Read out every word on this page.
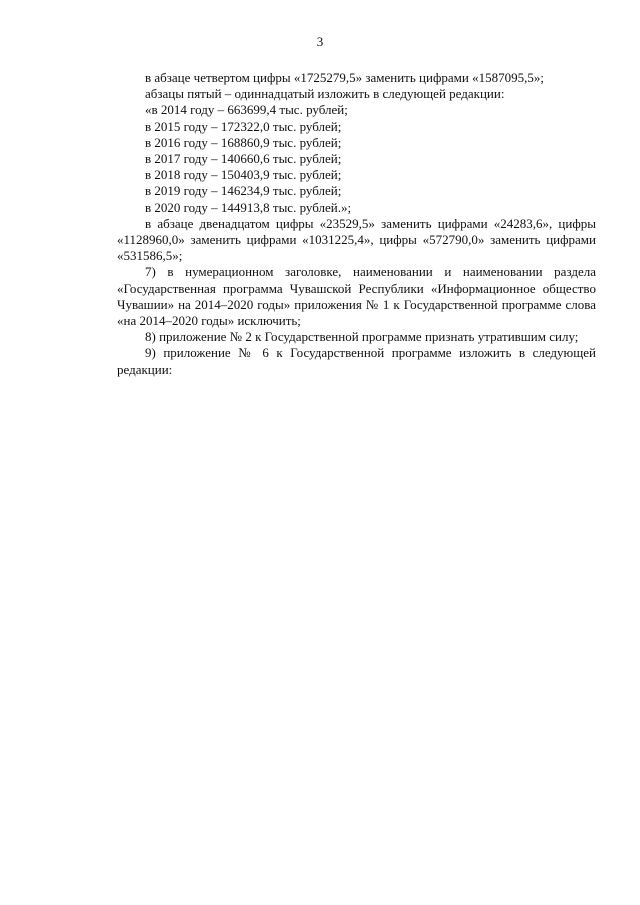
3

в абзаце четвертом цифры «1725279,5» заменить цифрами «1587095,5»;

абзацы пятый – одиннадцатый изложить в следующей редакции:

«в 2014 году – 663699,4 тыс. рублей;
в 2015 году – 172322,0 тыс. рублей;
в 2016 году – 168860,9 тыс. рублей;
в 2017 году – 140660,6 тыс. рублей;
в 2018 году – 150403,9 тыс. рублей;
в 2019 году – 146234,9 тыс. рублей;
в 2020 году – 144913,8 тыс. рублей.»;

в абзаце двенадцатом цифры «23529,5» заменить цифрами «24283,6», цифры «1128960,0» заменить цифрами «1031225,4», цифры «572790,0» заменить цифрами «531586,5»;

7) в нумерационном заголовке, наименовании и наименовании раздела «Государственная программа Чувашской Республики «Информационное общество Чувашии» на 2014–2020 годы» приложения № 1 к Государственной программе слова «на 2014–2020 годы» исключить;

8) приложение № 2 к Государственной программе признать утратившим силу;

9) приложение № 6 к Государственной программе изложить в следующей редакции:
